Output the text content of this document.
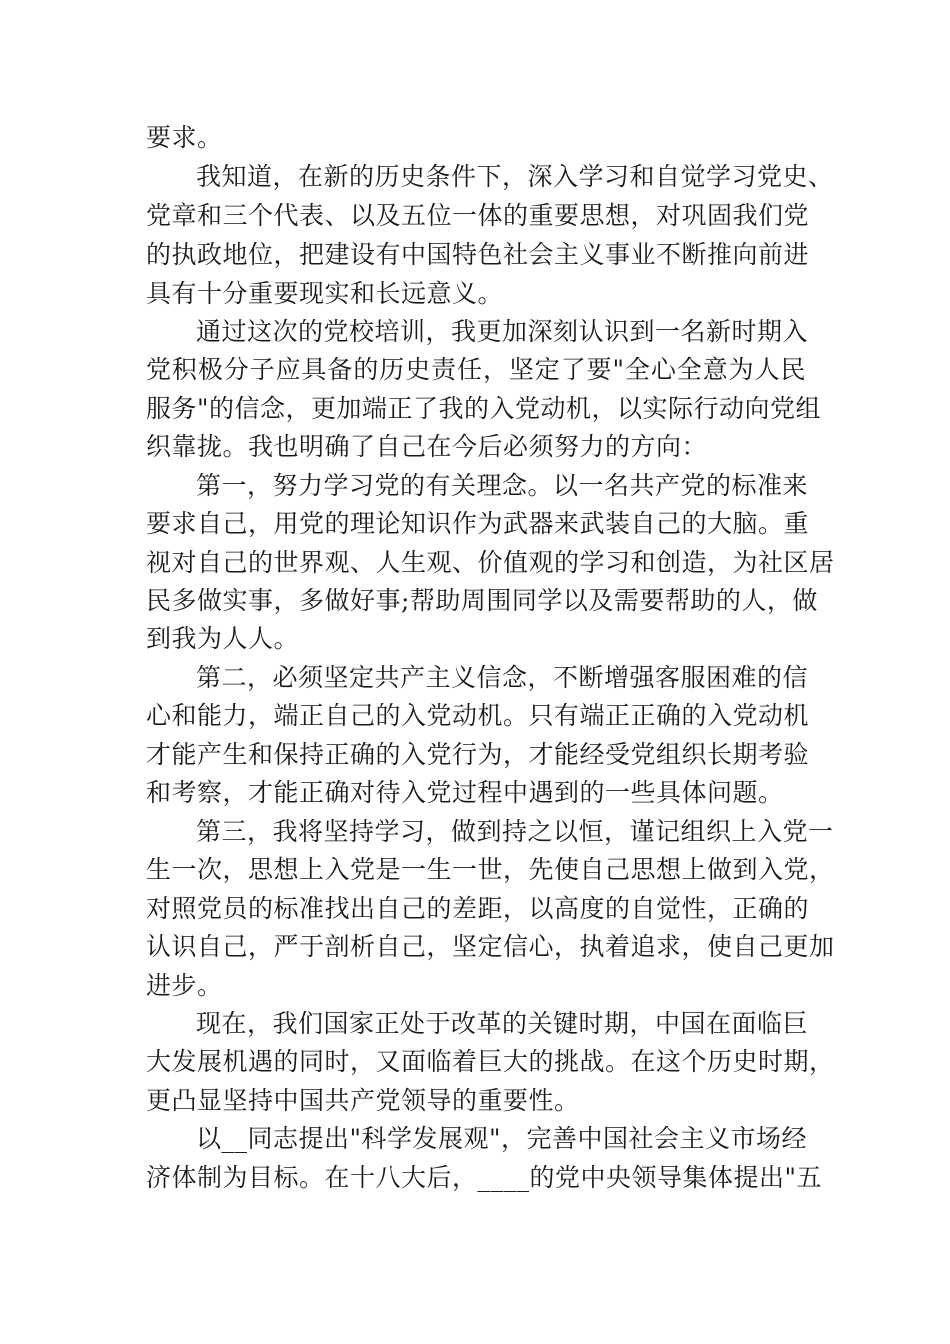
要求。
我知道，在新的历史条件下，深入学习和自觉学习党史、
党章和三个代表、以及五位一体的重要思想，对巩固我们党
的执政地位，把建设有中国特色社会主义事业不断推向前进
具有十分重要现实和长远意义。
通过这次的党校培训，我更加深刻认识到一名新时期入
党积极分子应具备的历史责任，坚定了要"全心全意为人民
服务"的信念，更加端正了我的入党动机，以实际行动向党组
织靠拢。我也明确了自己在今后必须努力的方向：
第一，努力学习党的有关理念。以一名共产党的标准来
要求自己，用党的理论知识作为武器来武装自己的大脑。重
视对自己的世界观、人生观、价值观的学习和创造，为社区居
民多做实事，多做好事;帮助周围同学以及需要帮助的人，做
到我为人人。
第二，必须坚定共产主义信念，不断增强客服困难的信
心和能力，端正自己的入党动机。只有端正正确的入党动机
才能产生和保持正确的入党行为，才能经受党组织长期考验
和考察，才能正确对待入党过程中遇到的一些具体问题。
第三，我将坚持学习，做到持之以恒，谨记组织上入党一
生一次，思想上入党是一生一世，先使自己思想上做到入党，
对照党员的标准找出自己的差距，以高度的自觉性，正确的
认识自己，严于剖析自己，坚定信心，执着追求，使自己更加
进步。
现在，我们国家正处于改革的关键时期，中国在面临巨
大发展机遇的同时，又面临着巨大的挑战。在这个历史时期，
更凸显坚持中国共产党领导的重要性。
以__同志提出"科学发展观"，完善中国社会主义市场经
济体制为目标。在十八大后，____的党中央领导集体提出"五
